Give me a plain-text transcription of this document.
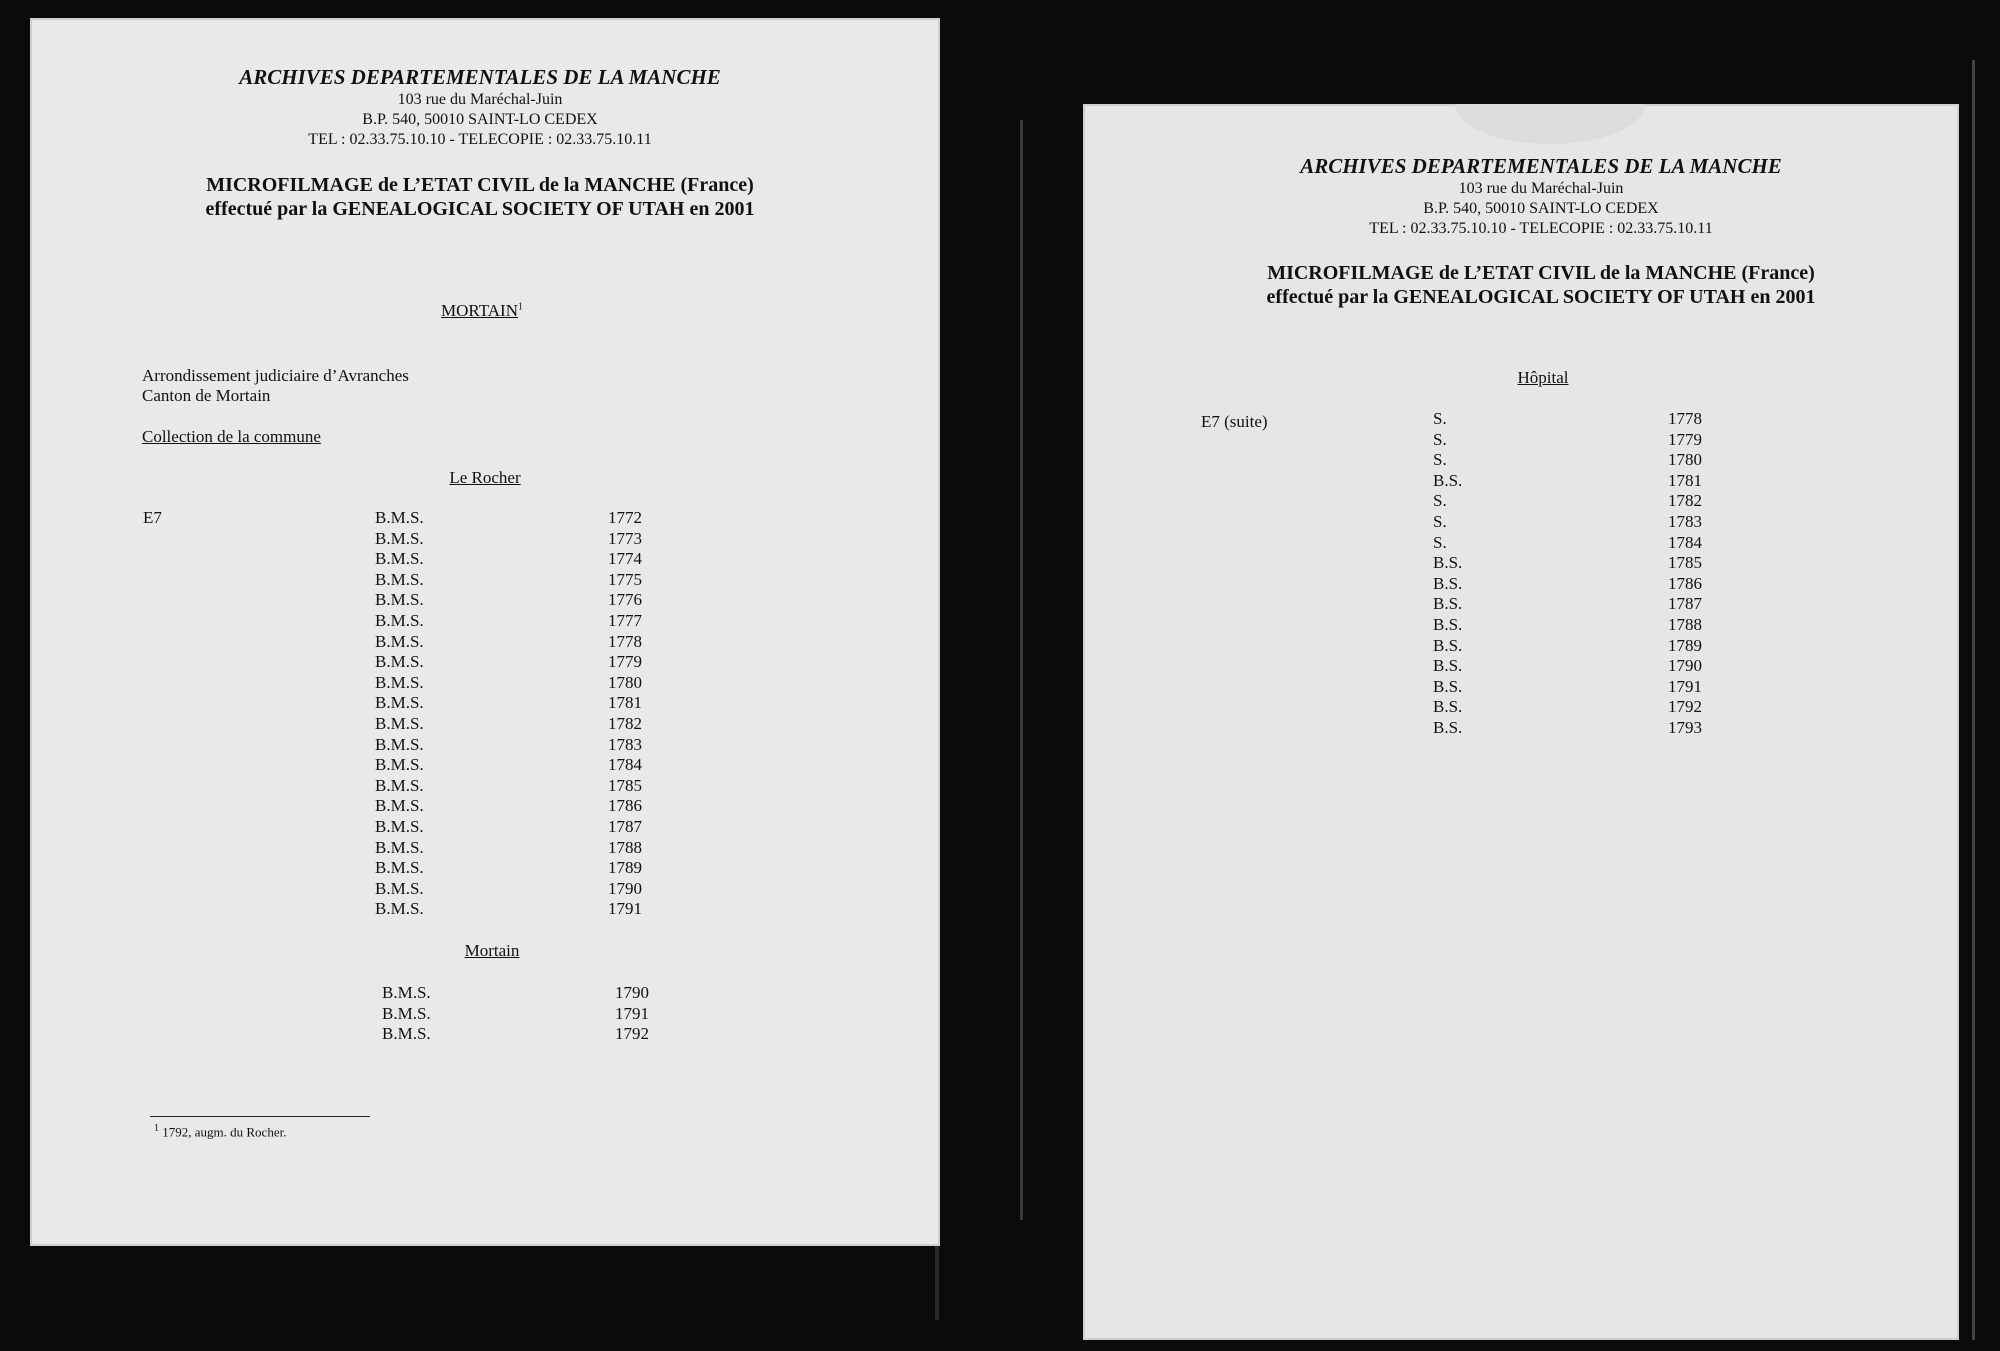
ARCHIVES DEPARTEMENTALES DE LA MANCHE
103 rue du Maréchal-Juin
B.P. 540, 50010 SAINT-LO CEDEX
TEL : 02.33.75.10.10 - TELECOPIE : 02.33.75.10.11
MICROFILMAGE de L’ETAT CIVIL de la MANCHE (France)
effectué par la GENEALOGICAL SOCIETY OF UTAH en 2001
MORTAIN$^1$
Arrondissement judiciaire d’Avranches
Canton de Mortain
Collection de la commune
Le Rocher
E7	B.M.S.	1772
B.M.S.	1773
B.M.S.	1774
B.M.S.	1775
B.M.S.	1776
B.M.S.	1777
B.M.S.	1778
B.M.S.	1779
B.M.S.	1780
B.M.S.	1781
B.M.S.	1782
B.M.S.	1783
B.M.S.	1784
B.M.S.	1785
B.M.S.	1786
B.M.S.	1787
B.M.S.	1788
B.M.S.	1789
B.M.S.	1790
B.M.S.	1791
Mortain
B.M.S.	1790
B.M.S.	1791
B.M.S.	1792
$^1$ 1792, augm. du Rocher.
ARCHIVES DEPARTEMENTALES DE LA MANCHE
103 rue du Maréchal-Juin
B.P. 540, 50010 SAINT-LO CEDEX
TEL : 02.33.75.10.10 - TELECOPIE : 02.33.75.10.11
MICROFILMAGE de L’ETAT CIVIL de la MANCHE (France)
effectué par la GENEALOGICAL SOCIETY OF UTAH en 2001
Hôpital
E7 (suite)	S.	1778
S.	1779
S.	1780
B.S.	1781
S.	1782
S.	1783
S.	1784
B.S.	1785
B.S.	1786
B.S.	1787
B.S.	1788
B.S.	1789
B.S.	1790
B.S.	1791
B.S.	1792
B.S.	1793
